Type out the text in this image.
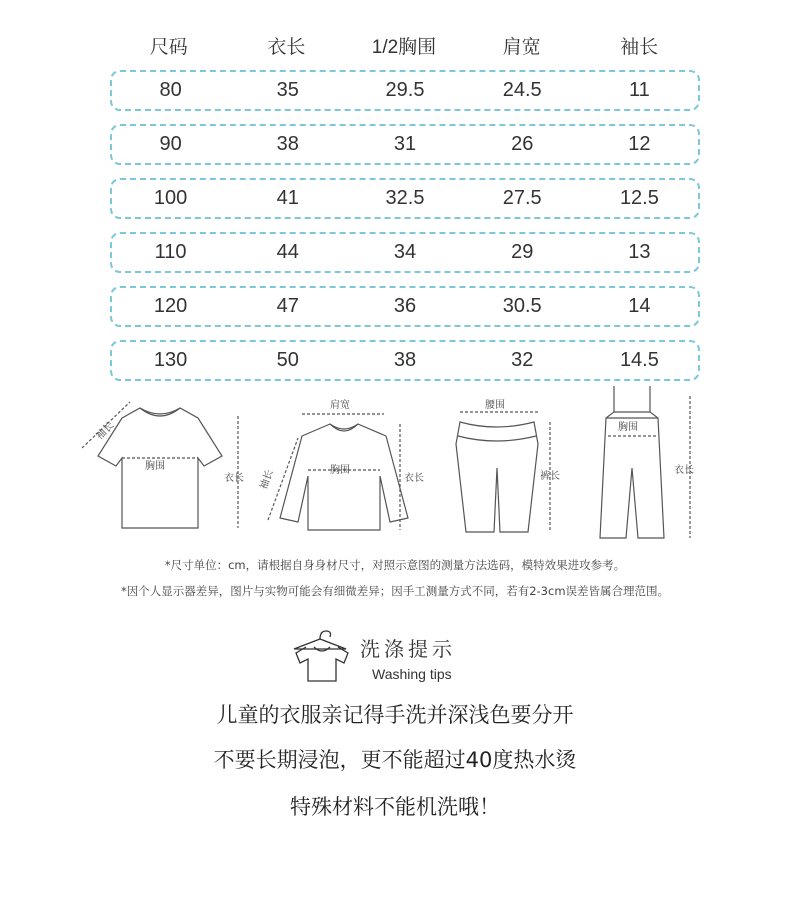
尺码	衣长	1/2胸围	肩宽	袖长
80	35	29.5	24.5	11
90	38	31	26	12
100	41	32.5	27.5	12.5
110	44	34	29	13
120	47	36	30.5	14
130	50	38	32	14.5
袖长
胸围
衣长
肩宽
胸围
袖长	衣长
腰围
裤长
胸围
衣长
*尺寸单位：cm，请根据自身身材尺寸，对照示意图的测量方法选码，模特效果进攻参考。
*因个人显示器差异，图片与实物可能会有细微差异；因手工测量方式不同，若有2-3cm误差皆属合理范围。
洗涤提示
Washing tips
儿童的衣服亲记得手洗并深浅色要分开
不要长期浸泡，更不能超过40度热水烫
特殊材料不能机洗哦！
